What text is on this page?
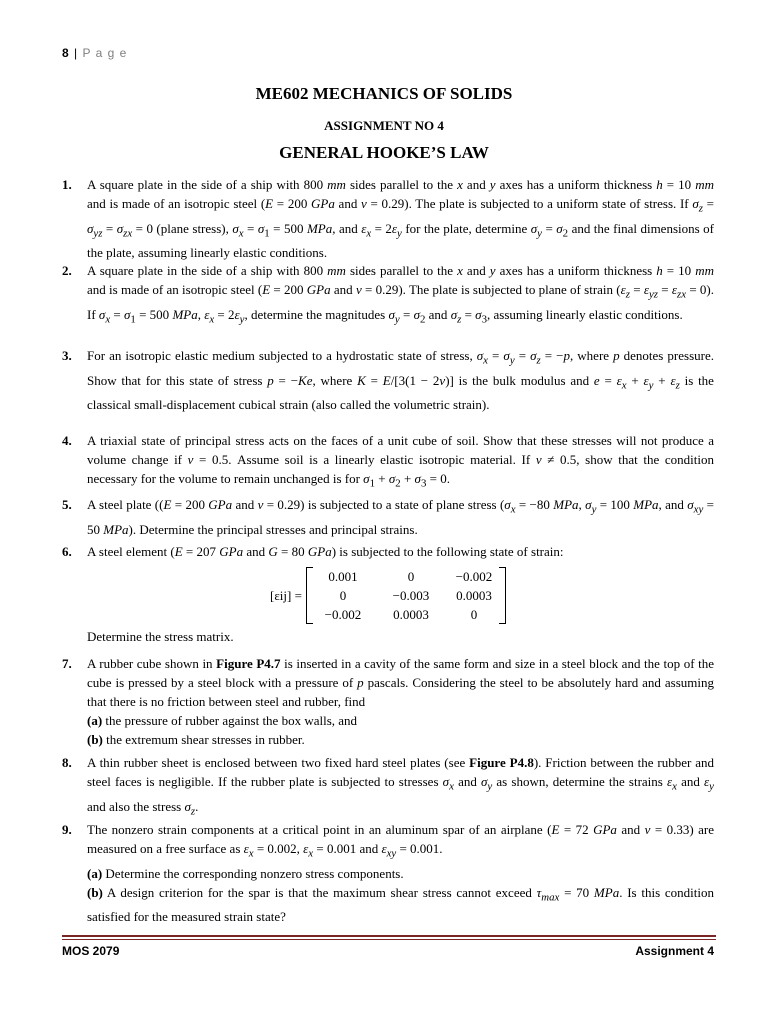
8 | P a g e
ME602 MECHANICS OF SOLIDS
ASSIGNMENT NO 4
GENERAL HOOKE’S LAW
1.	A square plate in the side of a ship with 800 mm sides parallel to the x and y axes has a uniform thickness h = 10 mm and is made of an isotropic steel (E = 200 GPa and ν = 0.29). The plate is subjected to a uniform state of stress. If $\sigma_z = \sigma_{yz} = \sigma_{zx} = 0$ (plane stress), $\sigma_x = \sigma_1 = 500$ MPa, and $\varepsilon_x = 2\varepsilon_y$ for the plate, determine $\sigma_y = \sigma_2$ and the final dimensions of the plate, assuming linearly elastic conditions.
2.	A square plate in the side of a ship with 800 mm sides parallel to the x and y axes has a uniform thickness h = 10 mm and is made of an isotropic steel (E = 200 GPa and ν = 0.29). The plate is subjected to plane of strain $(\varepsilon_z = \varepsilon_{yz} = \varepsilon_{zx} = 0)$. If $\sigma_x = \sigma_1 = 500$ MPa, $\varepsilon_x = 2\varepsilon_y$, determine the magnitudes $\sigma_y = \sigma_2$ and $\sigma_z = \sigma_3$, assuming linearly elastic conditions.
3.	For an isotropic elastic medium subjected to a hydrostatic state of stress, $\sigma_x = \sigma_y = \sigma_z = -p$, where p denotes pressure. Show that for this state of stress p = −Ke, where K = E/[3(1 − 2ν)] is the bulk modulus and $e = \varepsilon_x + \varepsilon_y + \varepsilon_z$ is the classical small-displacement cubical strain (also called the volumetric strain).
4.	A triaxial state of principal stress acts on the faces of a unit cube of soil. Show that these stresses will not produce a volume change if ν = 0.5. Assume soil is a linearly elastic isotropic material. If ν ≠ 0.5, show that the condition necessary for the volume to remain unchanged is for $\sigma_1 + \sigma_2 + \sigma_3 = 0$.
5.	A steel plate ((E = 200 GPa and ν = 0.29) is subjected to a state of plane stress ($\sigma_x = -80$ MPa, $\sigma_y = 100$ MPa, and $\sigma_{xy} = 50$ MPa). Determine the principal stresses and principal strains.
6.	A steel element (E = 207 GPa and G = 80 GPa) is subjected to the following state of strain:
[εij] =
0.001	0	−0.002
0	−0.003	0.0003
−0.002	0.0003	0
Determine the stress matrix.
7.	A rubber cube shown in Figure P4.7 is inserted in a cavity of the same form and size in a steel block and the top of the cube is pressed by a steel block with a pressure of p pascals. Considering the steel to be absolutely hard and assuming that there is no friction between steel and rubber, find
(a) the pressure of rubber against the box walls, and
(b) the extremum shear stresses in rubber.
8.	A thin rubber sheet is enclosed between two fixed hard steel plates (see Figure P4.8). Friction between the rubber and steel faces is negligible. If the rubber plate is subjected to stresses $\sigma_x$ and $\sigma_y$ as shown, determine the strains $\varepsilon_x$ and $\varepsilon_y$ and also the stress $\sigma_z$.
9.	The nonzero strain components at a critical point in an aluminum spar of an airplane (E = 72 GPa and ν = 0.33) are measured on a free surface as $\varepsilon_x = 0.002$, $\varepsilon_x = 0.001$ and $\varepsilon_{xy} = 0.001$.
(a) Determine the corresponding nonzero stress components.
(b) A design criterion for the spar is that the maximum shear stress cannot exceed $\tau_{max} = 70$ MPa. Is this condition satisfied for the measured strain state?
MOS 2079	Assignment 4
